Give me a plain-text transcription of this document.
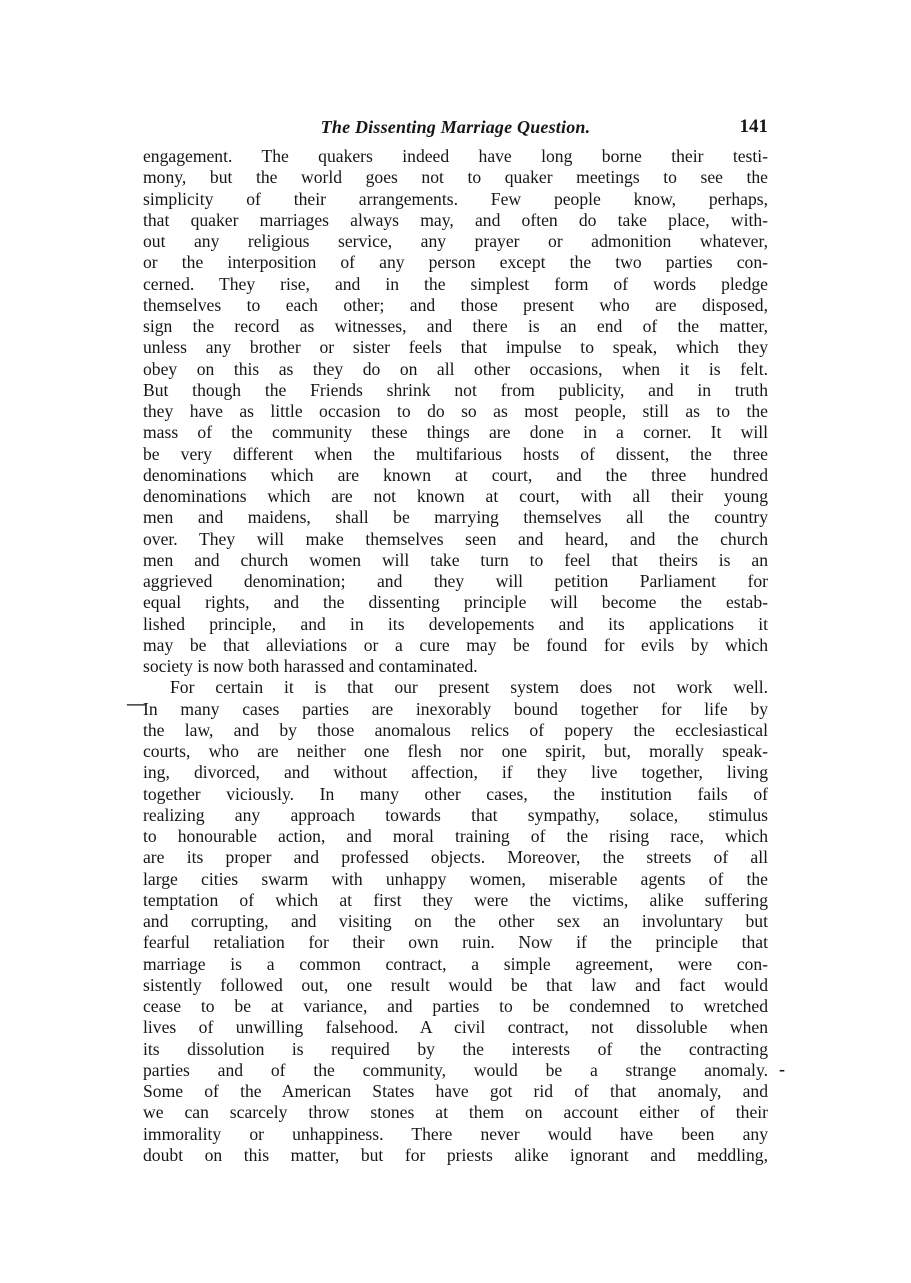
The Dissenting Marriage Question.	141
—
-
engagement. The quakers indeed have long borne their testi-
mony, but the world goes not to quaker meetings to see the
simplicity of their arrangements. Few people know, perhaps,
that quaker marriages always may, and often do take place, with-
out any religious service, any prayer or admonition whatever,
or the interposition of any person except the two parties con-
cerned. They rise, and in the simplest form of words pledge
themselves to each other; and those present who are disposed,
sign the record as witnesses, and there is an end of the matter,
unless any brother or sister feels that impulse to speak, which they
obey on this as they do on all other occasions, when it is felt.
But though the Friends shrink not from publicity, and in truth
they have as little occasion to do so as most people, still as to the
mass of the community these things are done in a corner. It will
be very different when the multifarious hosts of dissent, the three
denominations which are known at court, and the three hundred
denominations which are not known at court, with all their young
men and maidens, shall be marrying themselves all the country
over. They will make themselves seen and heard, and the church
men and church women will take turn to feel that theirs is an
aggrieved denomination; and they will petition Parliament for
equal rights, and the dissenting principle will become the estab-
lished principle, and in its developements and its applications it
may be that alleviations or a cure may be found for evils by which
society is now both harassed and contaminated.
For certain it is that our present system does not work well.
In many cases parties are inexorably bound together for life by
the law, and by those anomalous relics of popery the ecclesiastical
courts, who are neither one flesh nor one spirit, but, morally speak-
ing, divorced, and without affection, if they live together, living
together viciously. In many other cases, the institution fails of
realizing any approach towards that sympathy, solace, stimulus
to honourable action, and moral training of the rising race, which
are its proper and professed objects. Moreover, the streets of all
large cities swarm with unhappy women, miserable agents of the
temptation of which at first they were the victims, alike suffering
and corrupting, and visiting on the other sex an involuntary but
fearful retaliation for their own ruin. Now if the principle that
marriage is a common contract, a simple agreement, were con-
sistently followed out, one result would be that law and fact would
cease to be at variance, and parties to be condemned to wretched
lives of unwilling falsehood. A civil contract, not dissoluble when
its dissolution is required by the interests of the contracting
parties and of the community, would be a strange anomaly.
Some of the American States have got rid of that anomaly, and
we can scarcely throw stones at them on account either of their
immorality or unhappiness. There never would have been any
doubt on this matter, but for priests alike ignorant and meddling,
